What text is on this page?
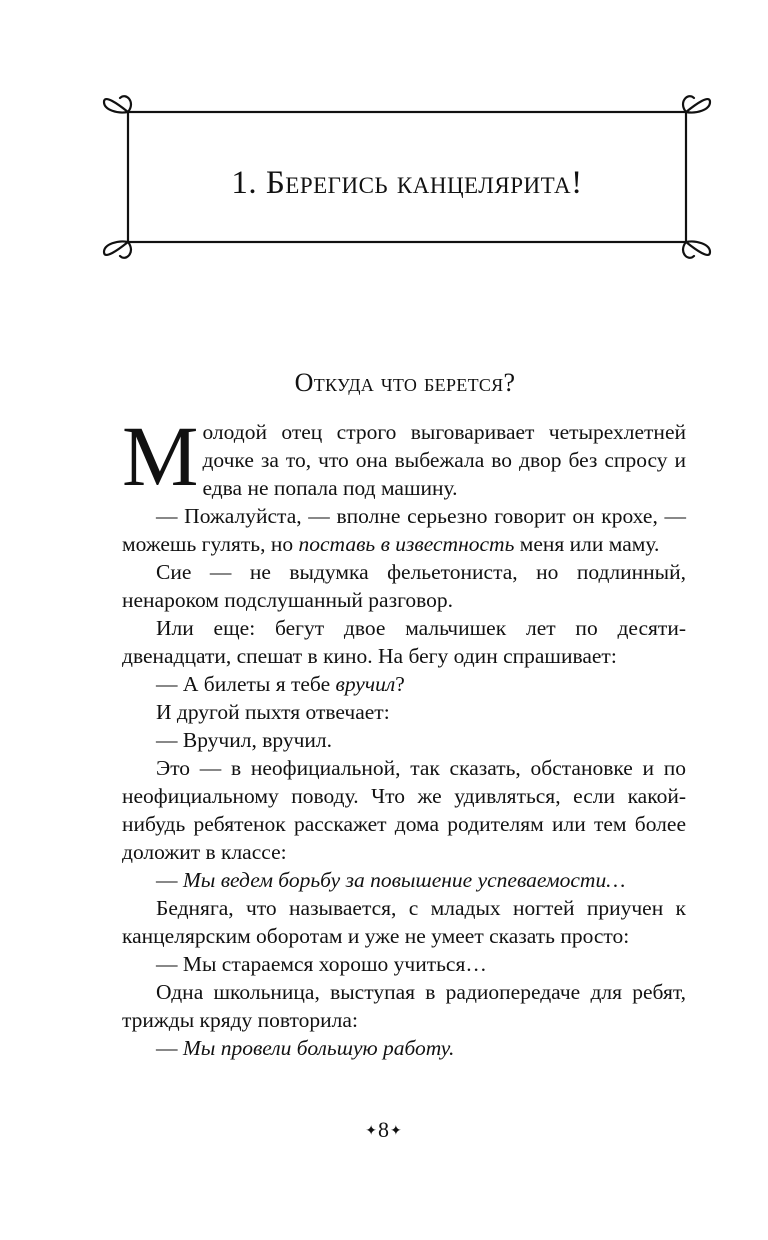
1. Берегись канцелярита!
Откуда что берется?

Молодой отец строго выговаривает четырехлетней дочке за то, что она выбежала во двор без спросу и едва не попала под машину.

— Пожалуйста, — вполне серьезно говорит он крохе, — можешь гулять, но поставь в известность меня или маму.

Сие — не выдумка фельетониста, но подлинный, ненароком подслушанный разговор.

Или еще: бегут двое мальчишек лет по десяти-двенадцати, спешат в кино. На бегу один спрашивает:

— А билеты я тебе вручил?

И другой пыхтя отвечает:

— Вручил, вручил.

Это — в неофициальной, так сказать, обстановке и по неофициальному поводу. Что же удивляться, если какой-нибудь ребятенок расскажет дома родителям или тем более доложит в классе:

— Мы ведем борьбу за повышение успеваемости…

Бедняга, что называется, с младых ногтей приучен к канцелярским оборотам и уже не умеет сказать просто:

— Мы стараемся хорошо учиться…

Одна школьница, выступая в радиопередаче для ребят, трижды кряду повторила:

— Мы провели большую работу.

✦8✦
